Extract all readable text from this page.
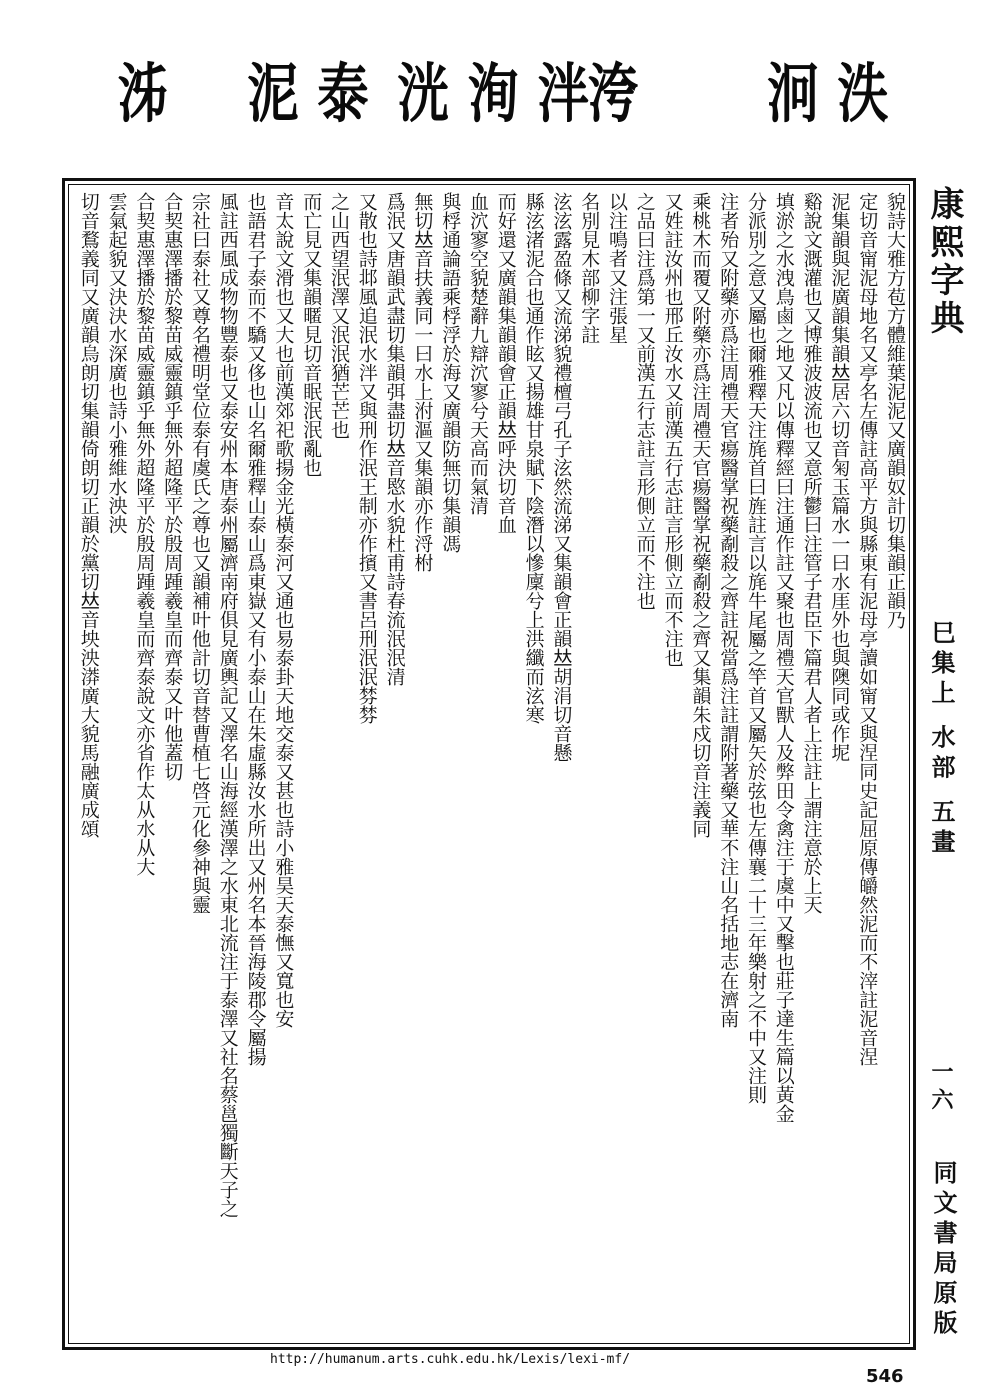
泂 泆
洿
洸 洵 泮
泥 泰
泲
貌詩大雅方苞方體維葉泥泥又廣韻奴計切集韻正韻乃
定切音甯泥母地名又亭名左傳註高平方與縣東有泥母亭讀如甯又與涅同史記屈原傳皭然泥而不滓註泥音涅
泥集韻與泥廣韻集韻𠀤居六切音匊玉篇水一曰水厓外也與隩同或作坭
谿說文溉灌也又博雅波波流也又意所鬱曰注管子君臣下篇君人者上注註上謂注意於上天
填淤之水洩鳥鹵之地又凡以傳釋經曰注通作註又聚也周禮天官獸人及弊田令禽注于虞中又擊也莊子達生篇以黃金
分派別之意又屬也爾雅釋天注旄首曰旌註言以旄牛尾屬之竿首又屬矢於弦也左傳襄二十三年樂射之不中又注則
注者殆又附藥亦爲注周禮天官瘍醫掌祝藥劀殺之齊註祝當爲注註謂附著藥又華不注山名括地志在濟南
乘桃木而覆又附藥亦爲注周禮天官瘍醫掌祝藥劀殺之齊又集韻朱戍切音注義同
又姓註汝州也邢丘汝水又前漢五行志註言形側立而不注也
之品曰注爲第一又前漢五行志註言形側立而不注也
以注鳴者又注張星
名別見木部柳字註
泫泫露盈條又流涕貌禮檀弓孔子泫然流涕又集韻會正韻𠀤胡涓切音懸
縣泫渚泥合也通作眩又揚雄甘泉賦下陰潛以慘廩兮上洪纖而泫寒
而好還又廣韻集韻韻會正韻𠀤呼決切音血
血泬寥空貌楚辭九辯泬寥兮天高而氣清
與桴通論語乘桴浮於海又廣韻防無切集韻馮
無切𠀤音扶義同一曰水上泭漚又集韻亦作浖柎
爲泯又唐韻武盡切集韻弭盡切𠀤音愍水貌杜甫詩春流泯泯清
又散也詩邶風追泯水泮又與刑作泯王制亦作擯又書呂刑泯泯棼棼
之山西望泯澤又泯泯猶芒芒也
而亡見又集韻暱見切音眠泯泯亂也
音太說文滑也又大也前漢郊祀歌揚金光橫泰河又通也易泰卦天地交泰又甚也詩小雅昊天泰憮又寬也安
也語君子泰而不驕又侈也山名爾雅釋山泰山爲東嶽又有小泰山在朱虛縣汝水所出又州名本晉海陵郡令屬揚
風註西風成物物豐泰也又泰安州本唐泰州屬濟南府俱見廣輿記又澤名山海經漢澤之水東北流注于泰澤又社名蔡邕獨斷天子之
宗社曰泰社又尊名禮明堂位泰有虞氏之尊也又韻補叶他計切音替曹植七啓元化參神與靈
合契惠澤播於黎苗威靈鎮乎無外超隆平於殷周踵羲皇而齊泰又叶他蓋切
合契惠澤播於黎苗威靈鎮乎無外超隆平於殷周踵羲皇而齊泰說文亦省作太从水从大
雲氣起貌又決決水深廣也詩小雅維水泱泱
切音鶩義同又廣韻烏朗切集韻倚朗切正韻於黨切𠀤音坱泱漭廣大貌馬融廣成頌	康熙字典
巳集上 水部 五畫
一六
同文書局原版
http://humanum.arts.cuhk.edu.hk/Lexis/lexi-mf/
546
